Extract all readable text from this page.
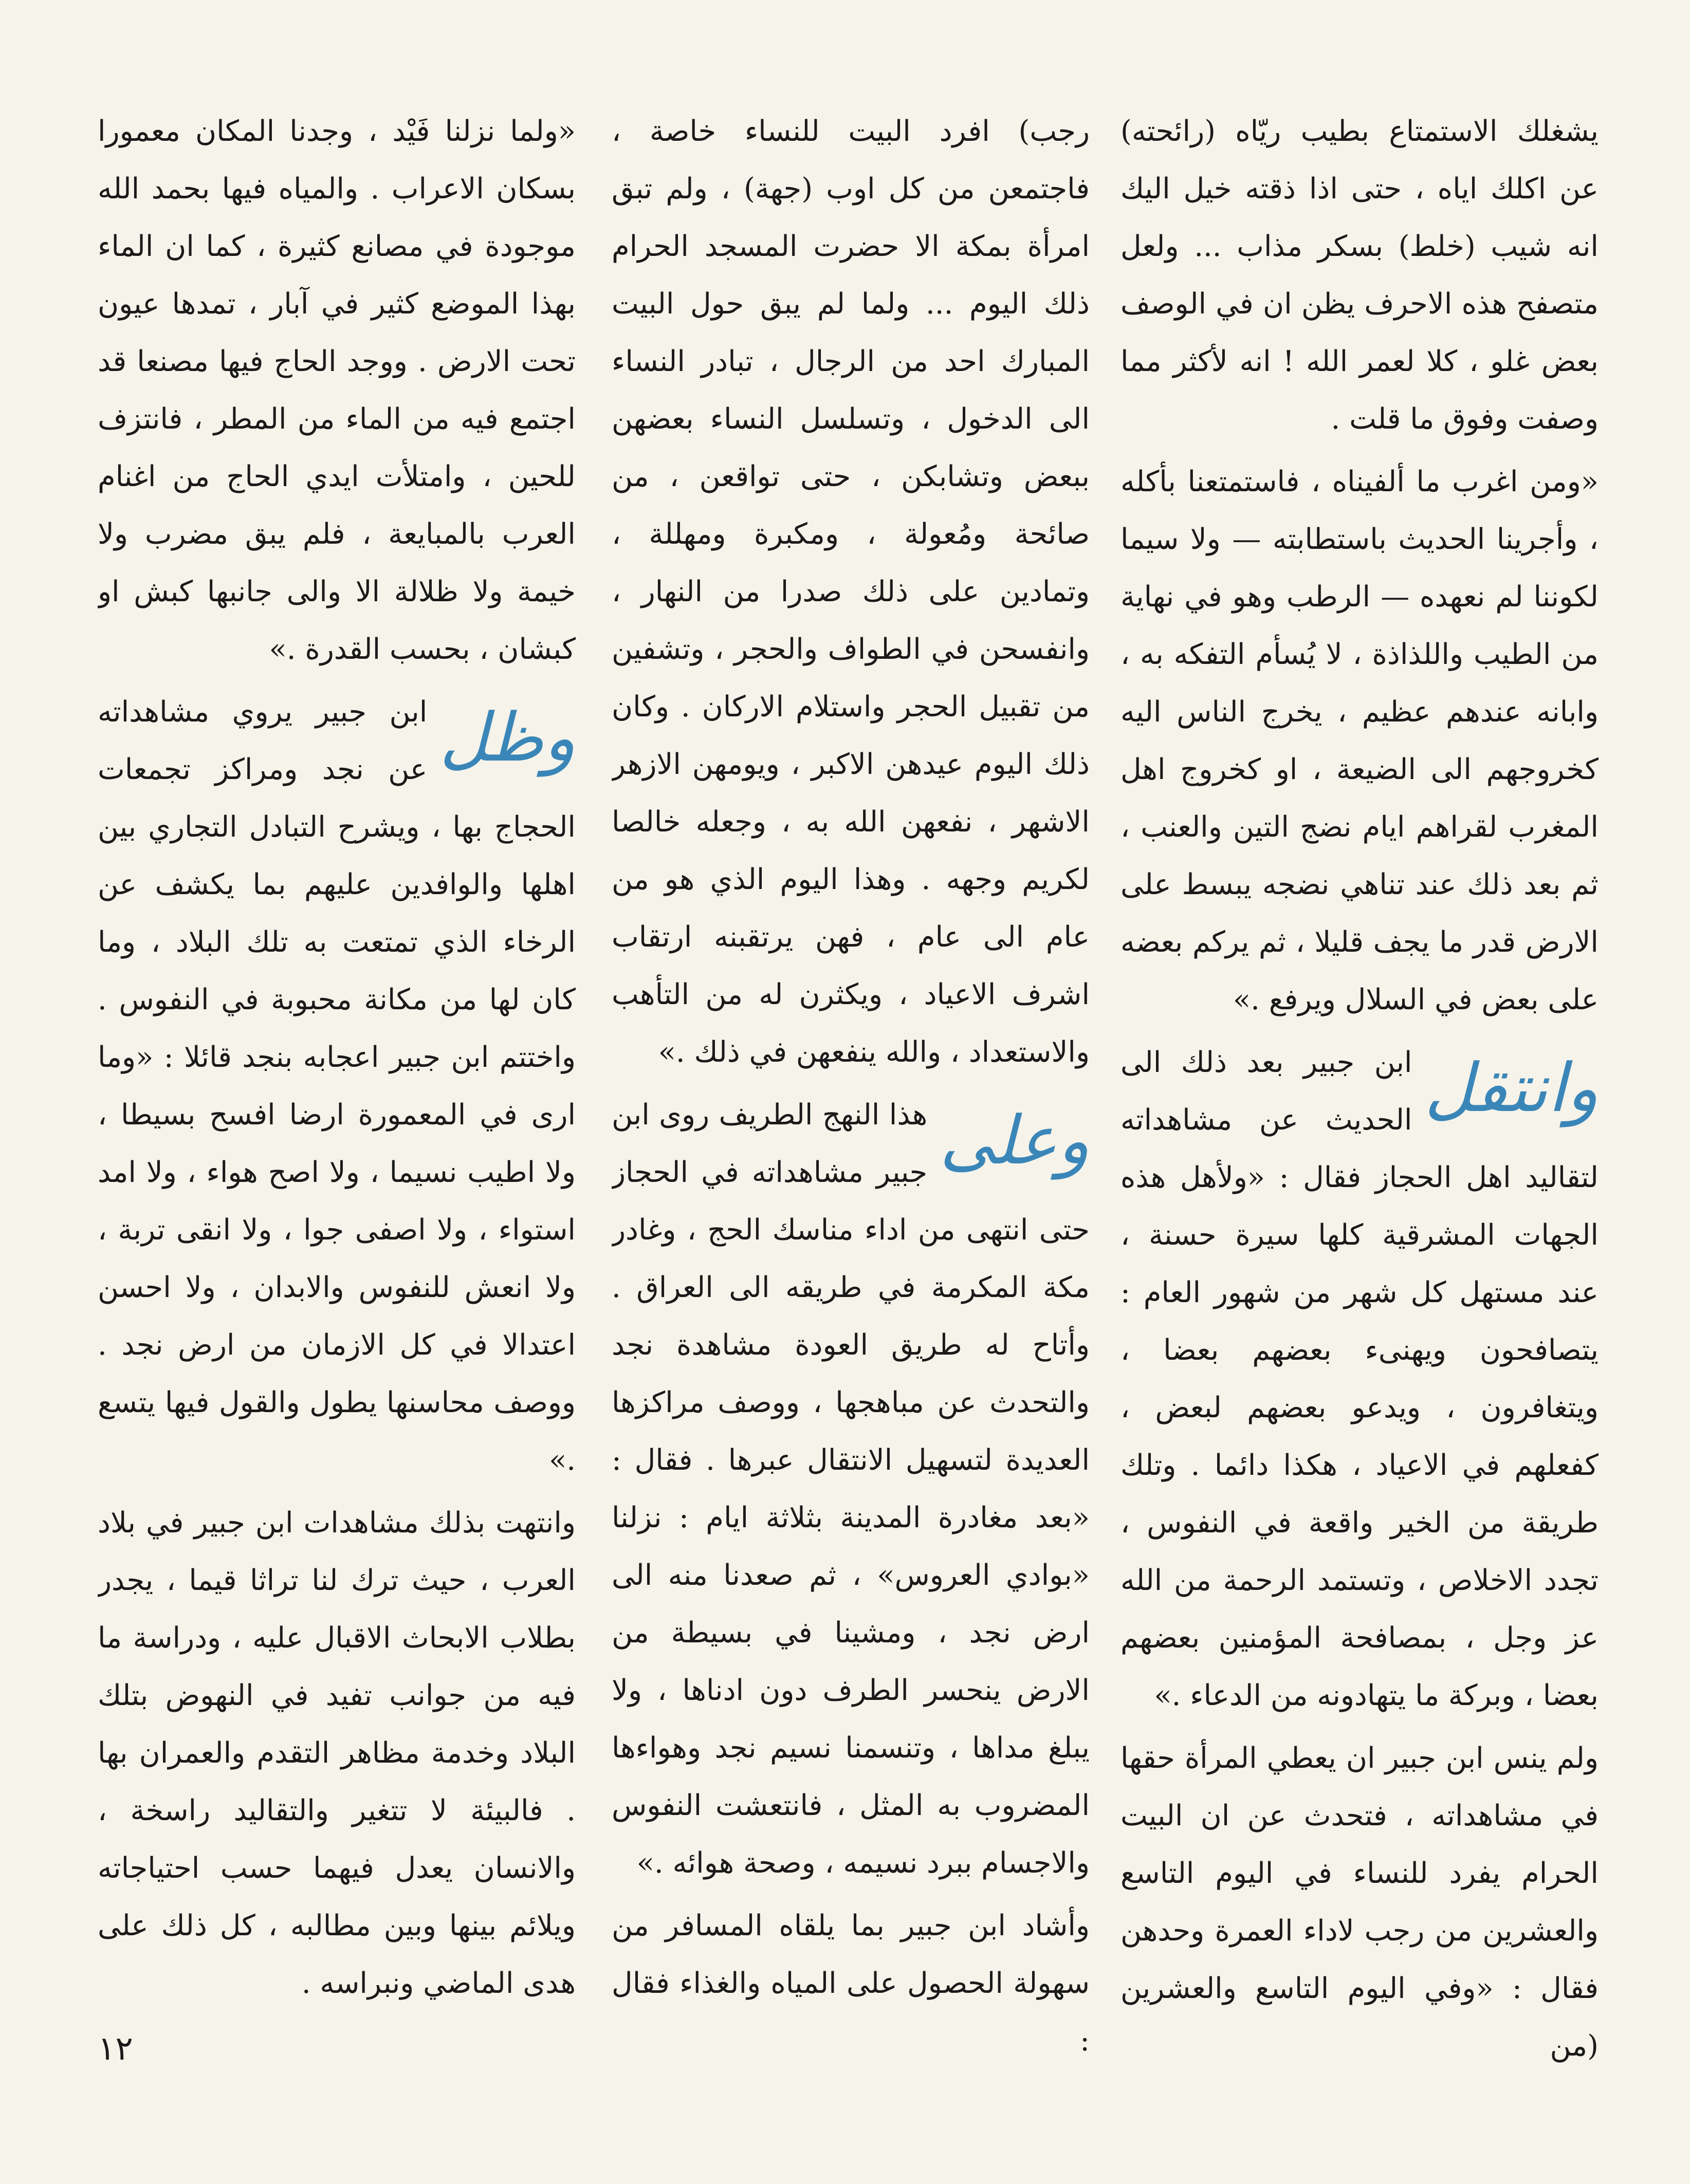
يشغلك الاستمتاع بطيب ريّاه (رائحته) عن اكلك اياه ، حتى اذا ذقته خيل اليك انه شيب (خلط) بسكر مذاب ... ولعل متصفح هذه الاحرف يظن ان في الوصف بعض غلو ، كلا لعمر الله ! انه لأكثر مما وصفت وفوق ما قلت .

«ومن اغرب ما ألفيناه ، فاستمتعنا بأكله ، وأجرينا الحديث باستطابته — ولا سيما لكوننا لم نعهده — الرطب وهو في نهاية من الطيب واللذاذة ، لا يُسأم التفكه به ، وابانه عندهم عظيم ، يخرج الناس اليه كخروجهم الى الضيعة ، او كخروج اهل المغرب لقراهم ايام نضج التين والعنب ، ثم بعد ذلك عند تناهي نضجه يبسط على الارض قدر ما يجف قليلا ، ثم يركم بعضه على بعض في السلال ويرفع .»

وانتقل

ابن جبير بعد ذلك الى الحديث عن مشاهداته لتقاليد اهل الحجاز فقال : «ولأهل هذه الجهات المشرقية كلها سيرة حسنة ، عند مستهل كل شهر من شهور العام : يتصافحون ويهنىء بعضهم بعضا ، ويتغافرون ، ويدعو بعضهم لبعض ، كفعلهم في الاعياد ، هكذا دائما . وتلك طريقة من الخير واقعة في النفوس ، تجدد الاخلاص ، وتستمد الرحمة من الله عز وجل ، بمصافحة المؤمنين بعضهم بعضا ، وبركة ما يتهادونه من الدعاء .»

ولم ينس ابن جبير ان يعطي المرأة حقها في مشاهداته ، فتحدث عن ان البيت الحرام يفرد للنساء في اليوم التاسع والعشرين من رجب لاداء العمرة وحدهن فقال : «وفي اليوم التاسع والعشرين (من

رجب) افرد البيت للنساء خاصة ، فاجتمعن من كل اوب (جهة) ، ولم تبق امرأة بمكة الا حضرت المسجد الحرام ذلك اليوم ... ولما لم يبق حول البيت المبارك احد من الرجال ، تبادر النساء الى الدخول ، وتسلسل النساء بعضهن ببعض وتشابكن ، حتى تواقعن ، من صائحة ومُعولة ، ومكبرة ومهللة ، وتمادين على ذلك صدرا من النهار ، وانفسحن في الطواف والحجر ، وتشفين من تقبيل الحجر واستلام الاركان . وكان ذلك اليوم عيدهن الاكبر ، ويومهن الازهر الاشهر ، نفعهن الله به ، وجعله خالصا لكريم وجهه . وهذا اليوم الذي هو من عام الى عام ، فهن يرتقبنه ارتقاب اشرف الاعياد ، ويكثرن له من التأهب والاستعداد ، والله ينفعهن في ذلك .»

وعلى

هذا النهج الطريف روى ابن جبير مشاهداته في الحجاز حتى انتهى من اداء مناسك الحج ، وغادر مكة المكرمة في طريقه الى العراق . وأتاح له طريق العودة مشاهدة نجد والتحدث عن مباهجها ، ووصف مراكزها العديدة لتسهيل الانتقال عبرها . فقال : «بعد مغادرة المدينة بثلاثة ايام : نزلنا «بوادي العروس» ، ثم صعدنا منه الى ارض نجد ، ومشينا في بسيطة من الارض ينحسر الطرف دون ادناها ، ولا يبلغ مداها ، وتنسمنا نسيم نجد وهواءها المضروب به المثل ، فانتعشت النفوس والاجسام ببرد نسيمه ، وصحة هوائه .»

وأشاد ابن جبير بما يلقاه المسافر من سهولة الحصول على المياه والغذاء فقال :

«ولما نزلنا فَيْد ، وجدنا المكان معمورا بسكان الاعراب . والمياه فيها بحمد الله موجودة في مصانع كثيرة ، كما ان الماء بهذا الموضع كثير في آبار ، تمدها عيون تحت الارض . ووجد الحاج فيها مصنعا قد اجتمع فيه من الماء من المطر ، فانتزف للحين ، وامتلأت ايدي الحاج من اغنام العرب بالمبايعة ، فلم يبق مضرب ولا خيمة ولا ظلالة الا والى جانبها كبش او كبشان ، بحسب القدرة .»

وظل

ابن جبير يروي مشاهداته عن نجد ومراكز تجمعات الحجاج بها ، ويشرح التبادل التجاري بين اهلها والوافدين عليهم بما يكشف عن الرخاء الذي تمتعت به تلك البلاد ، وما كان لها من مكانة محبوبة في النفوس . واختتم ابن جبير اعجابه بنجد قائلا : «وما ارى في المعمورة ارضا افسح بسيطا ، ولا اطيب نسيما ، ولا اصح هواء ، ولا امد استواء ، ولا اصفى جوا ، ولا انقى تربة ، ولا انعش للنفوس والابدان ، ولا احسن اعتدالا في كل الازمان من ارض نجد . ووصف محاسنها يطول والقول فيها يتسع .»

وانتهت بذلك مشاهدات ابن جبير في بلاد العرب ، حيث ترك لنا تراثا قيما ، يجدر بطلاب الابحاث الاقبال عليه ، ودراسة ما فيه من جوانب تفيد في النهوض بتلك البلاد وخدمة مظاهر التقدم والعمران بها . فالبيئة لا تتغير والتقاليد راسخة ، والانسان يعدل فيهما حسب احتياجاته ويلائم بينها وبين مطالبه ، كل ذلك على هدى الماضي ونبراسه .

١٢
